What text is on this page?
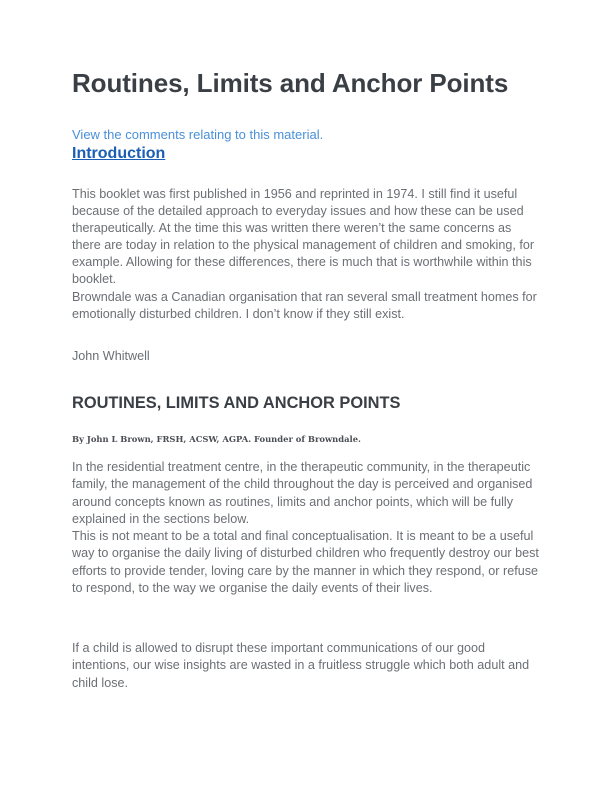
Routines, Limits and Anchor Points
View the comments relating to this material.
Introduction

This booklet was first published in 1956 and reprinted in 1974. I still find it useful because of the detailed approach to everyday issues and how these can be used therapeutically. At the time this was written there weren’t the same concerns as there are today in relation to the physical management of children and smoking, for example. Allowing for these differences, there is much that is worthwhile within this booklet.

Browndale was a Canadian organisation that ran several small treatment homes for emotionally disturbed children. I don’t know if they still exist.

John Whitwell
ROUTINES, LIMITS AND ANCHOR POINTS
By John L Brown, FRSH, ACSW, AGPA. Founder of Browndale.

In the residential treatment centre, in the therapeutic community, in the therapeutic family, the management of the child throughout the day is perceived and organised around concepts known as routines, limits and anchor points, which will be fully explained in the sections below.

This is not meant to be a total and final conceptualisation. It is meant to be a useful way to organise the daily living of disturbed children who frequently destroy our best efforts to provide tender, loving care by the manner in which they respond, or refuse to respond, to the way we organise the daily events of their lives.

If a child is allowed to disrupt these important communications of our good intentions, our wise insights are wasted in a fruitless struggle which both adult and child lose.
